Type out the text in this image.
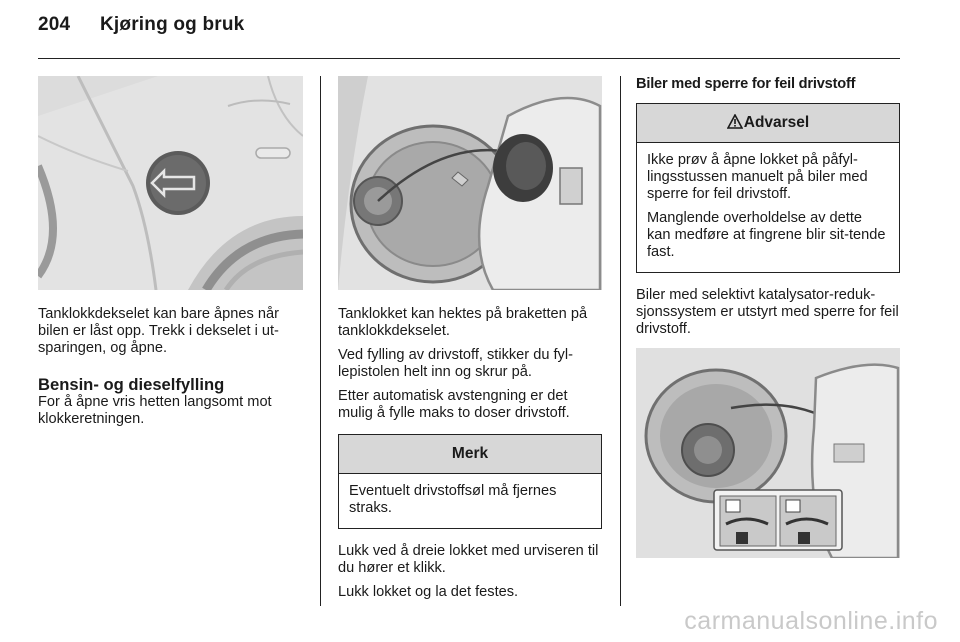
204 Kjøring og bruk

Tanklokkdekselet kan bare åpnes når bilen er låst opp. Trekk i dekselet i ut-sparingen, og åpne.

Bensin- og dieselfylling

For å åpne vris hetten langsomt mot klokkeretningen.

Tanklokket kan hektes på braketten på tanklokkdekselet.

Ved fylling av drivstoff, stikker du fyl-lepistolen helt inn og skrur på.

Etter automatisk avstengning er det mulig å fylle maks to doser drivstoff.

Merk

Eventuelt drivstoffsøl må fjernes straks.

Lukk ved å dreie lokket med urviseren til du hører et klikk.

Lukk lokket og la det festes.

Biler med sperre for feil drivstoff
Advarsel

Ikke prøv å åpne lokket på påfyl-lingsstussen manuelt på biler med sperre for feil drivstoff.

Manglende overholdelse av dette kan medføre at fingrene blir sit-tende fast.

Biler med selektivt katalysator-reduk-sjonssystem er utstyrt med sperre for feil drivstoff.

carmanualsonline.info
